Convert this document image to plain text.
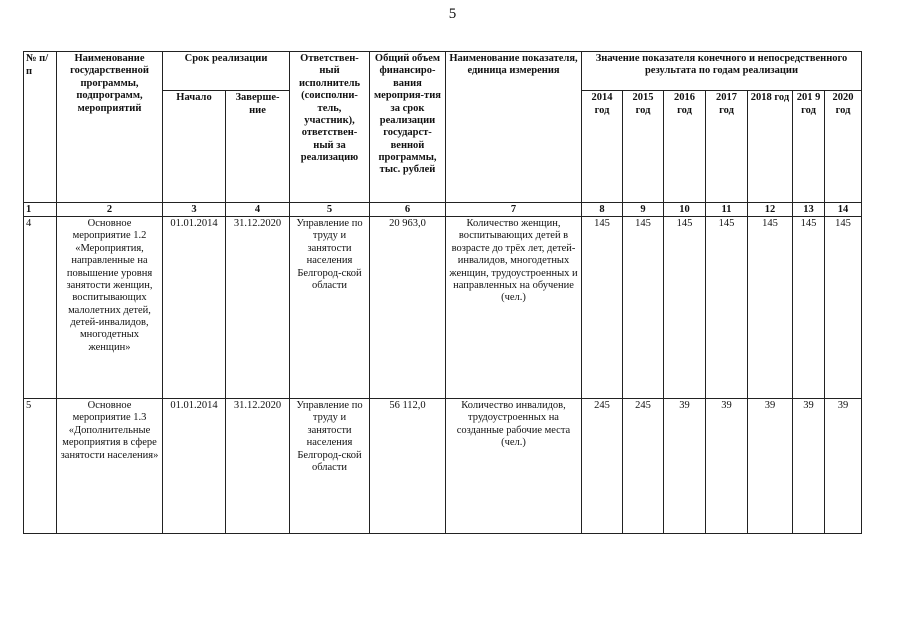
5
№ п/п	Наименование государственной программы, подпрограмм, мероприятий	Срок реализации		Ответствен-ный исполнитель (соисполни-тель, участник), ответствен-ный за реализацию	Общий объем финансиро-вания мероприя-тия за срок реализации государст-венной программы, тыс. рублей	Наименование показателя, единица измерения	Значение показателя конечного и непосредственного результата по годам реализации						
		Начало	Заверше-ние				2014 год	2015 год	2016 год	2017 год	2018 год	201 9 год	2020 год
1	2	3	4	5	6	7	8	9	10	11	12	13	14
4	Основное мероприятие 1.2 «Мероприятия, направленные на повышение уровня занятости женщин, воспитывающих малолетних детей, детей-инвалидов, многодетных женщин»	01.01.2014	31.12.2020	Управление по труду и занятости населения Белгород-ской области	20 963,0	Количество женщин, воспитывающих детей в возрасте до трёх лет, детей-инвалидов, многодетных женщин, трудоустроенных и направленных на обучение (чел.)	145	145	145	145	145	145	145
5	Основное мероприятие 1.3 «Дополнительные мероприятия в сфере занятости населения»	01.01.2014	31.12.2020	Управление по труду и занятости населения Белгород-ской области	56 112,0	Количество инвалидов, трудоустроенных на созданные рабочие места (чел.)	245	245	39	39	39	39	39
